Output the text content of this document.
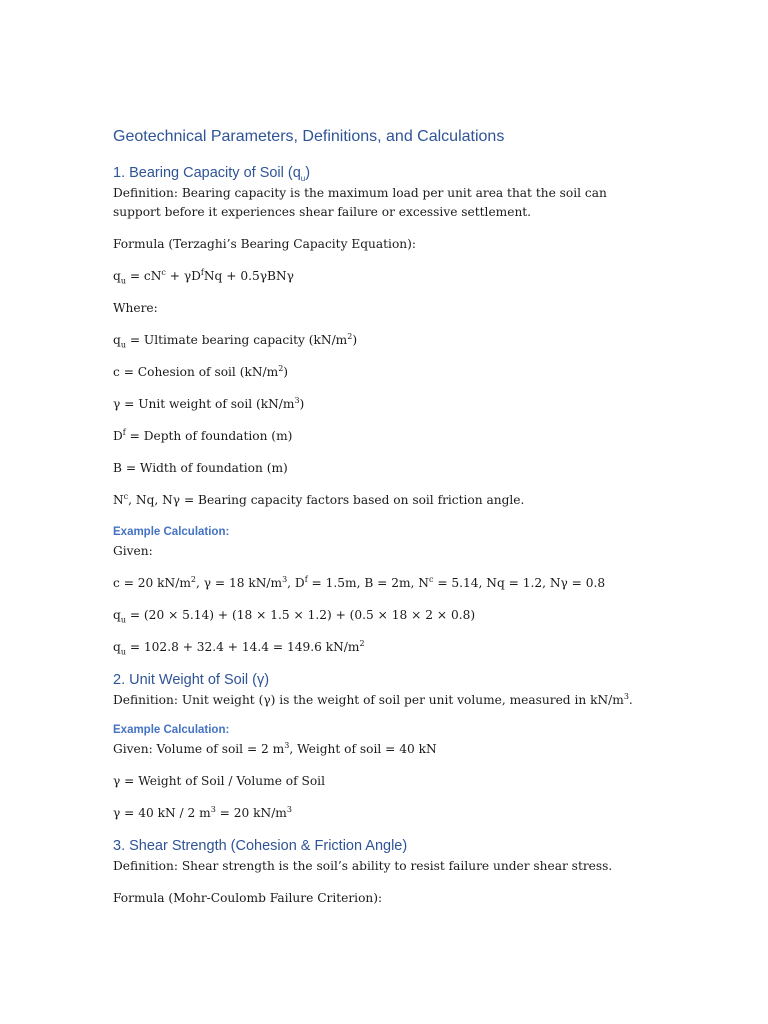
Geotechnical Parameters, Definitions, and Calculations
1. Bearing Capacity of Soil $(q_u)$

Definition: Bearing capacity is the maximum load per unit area that the soil can support before it experiences shear failure or excessive settlement.

Formula (Terzaghi’s Bearing Capacity Equation):

$q_u = cN^c + \gamma D^fNq + 0.5\gamma BN\gamma$

Where:

$q_u$ = Ultimate bearing capacity $(kN/m^2)$

c = Cohesion of soil $(kN/m^2)$

γ = Unit weight of soil $(kN/m^3)$

$D^f$ = Depth of foundation (m)

B = Width of foundation (m)

$N^c$, Nq, Nγ = Bearing capacity factors based on soil friction angle.

Example Calculation:

Given:

c = 20 $kN/m^2$, γ = 18 $kN/m^3$, $D^f = 1.5m$, B = 2m, $N^c = 5.14$, Nq = 1.2, Nγ = 0.8

$q_u = (20 \times 5.14) + (18 \times 1.5 \times 1.2) + (0.5 \times 18 \times 2 \times 0.8)$

$q_u = 102.8 + 32.4 + 14.4 = 149.6$ $kN/m^2$

2. Unit Weight of Soil (γ)

Definition: Unit weight (γ) is the weight of soil per unit volume, measured in $kN/m^3$.

Example Calculation:

Given: Volume of soil = 2 $m^3$, Weight of soil = 40 kN

γ = Weight of Soil / Volume of Soil

γ = 40 kN / 2 $m^3 = 20$ $kN/m^3$

3. Shear Strength (Cohesion & Friction Angle)

Definition: Shear strength is the soil’s ability to resist failure under shear stress.

Formula (Mohr-Coulomb Failure Criterion):
